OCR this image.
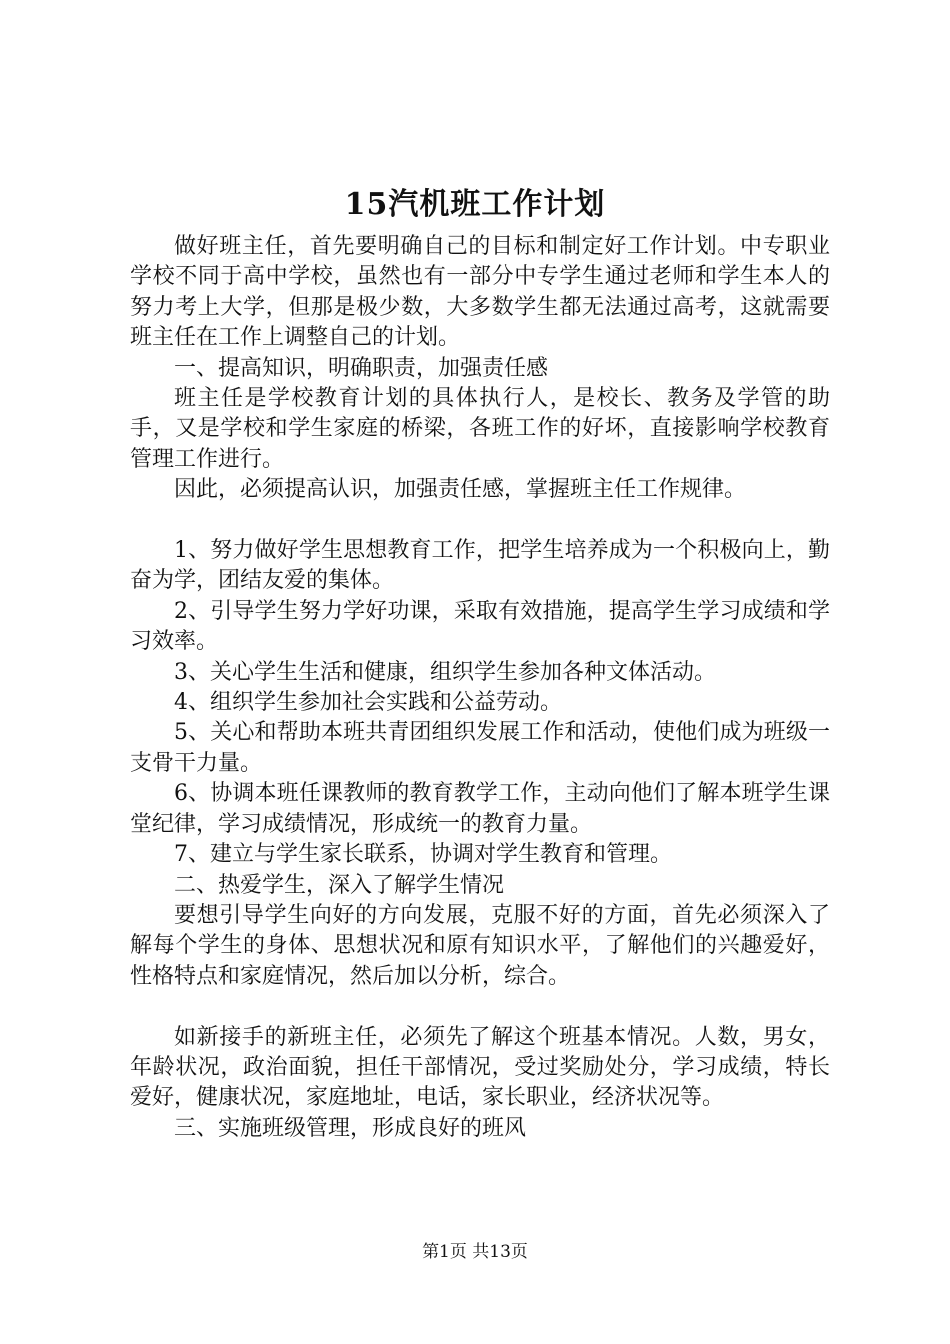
15汽机班工作计划

做好班主任，首先要明确自己的目标和制定好工作计划。中专职业学校不同于高中学校，虽然也有一部分中专学生通过老师和学生本人的努力考上大学，但那是极少数，大多数学生都无法通过高考，这就需要班主任在工作上调整自己的计划。

一、提高知识，明确职责，加强责任感

班主任是学校教育计划的具体执行人，是校长、教务及学管的助手，又是学校和学生家庭的桥梁，各班工作的好坏，直接影响学校教育管理工作进行。

因此，必须提高认识，加强责任感，掌握班主任工作规律。

1、努力做好学生思想教育工作，把学生培养成为一个积极向上，勤奋为学，团结友爱的集体。

2、引导学生努力学好功课，采取有效措施，提高学生学习成绩和学习效率。

3、关心学生生活和健康，组织学生参加各种文体活动。

4、组织学生参加社会实践和公益劳动。

5、关心和帮助本班共青团组织发展工作和活动，使他们成为班级一支骨干力量。

6、协调本班任课教师的教育教学工作，主动向他们了解本班学生课堂纪律，学习成绩情况，形成统一的教育力量。

7、建立与学生家长联系，协调对学生教育和管理。

二、热爱学生，深入了解学生情况

要想引导学生向好的方向发展，克服不好的方面，首先必须深入了解每个学生的身体、思想状况和原有知识水平，了解他们的兴趣爱好，性格特点和家庭情况，然后加以分析，综合。

如新接手的新班主任，必须先了解这个班基本情况。人数，男女，年龄状况，政治面貌，担任干部情况，受过奖励处分，学习成绩，特长爱好，健康状况，家庭地址，电话，家长职业，经济状况等。

三、实施班级管理，形成良好的班风

第1页 共13页
